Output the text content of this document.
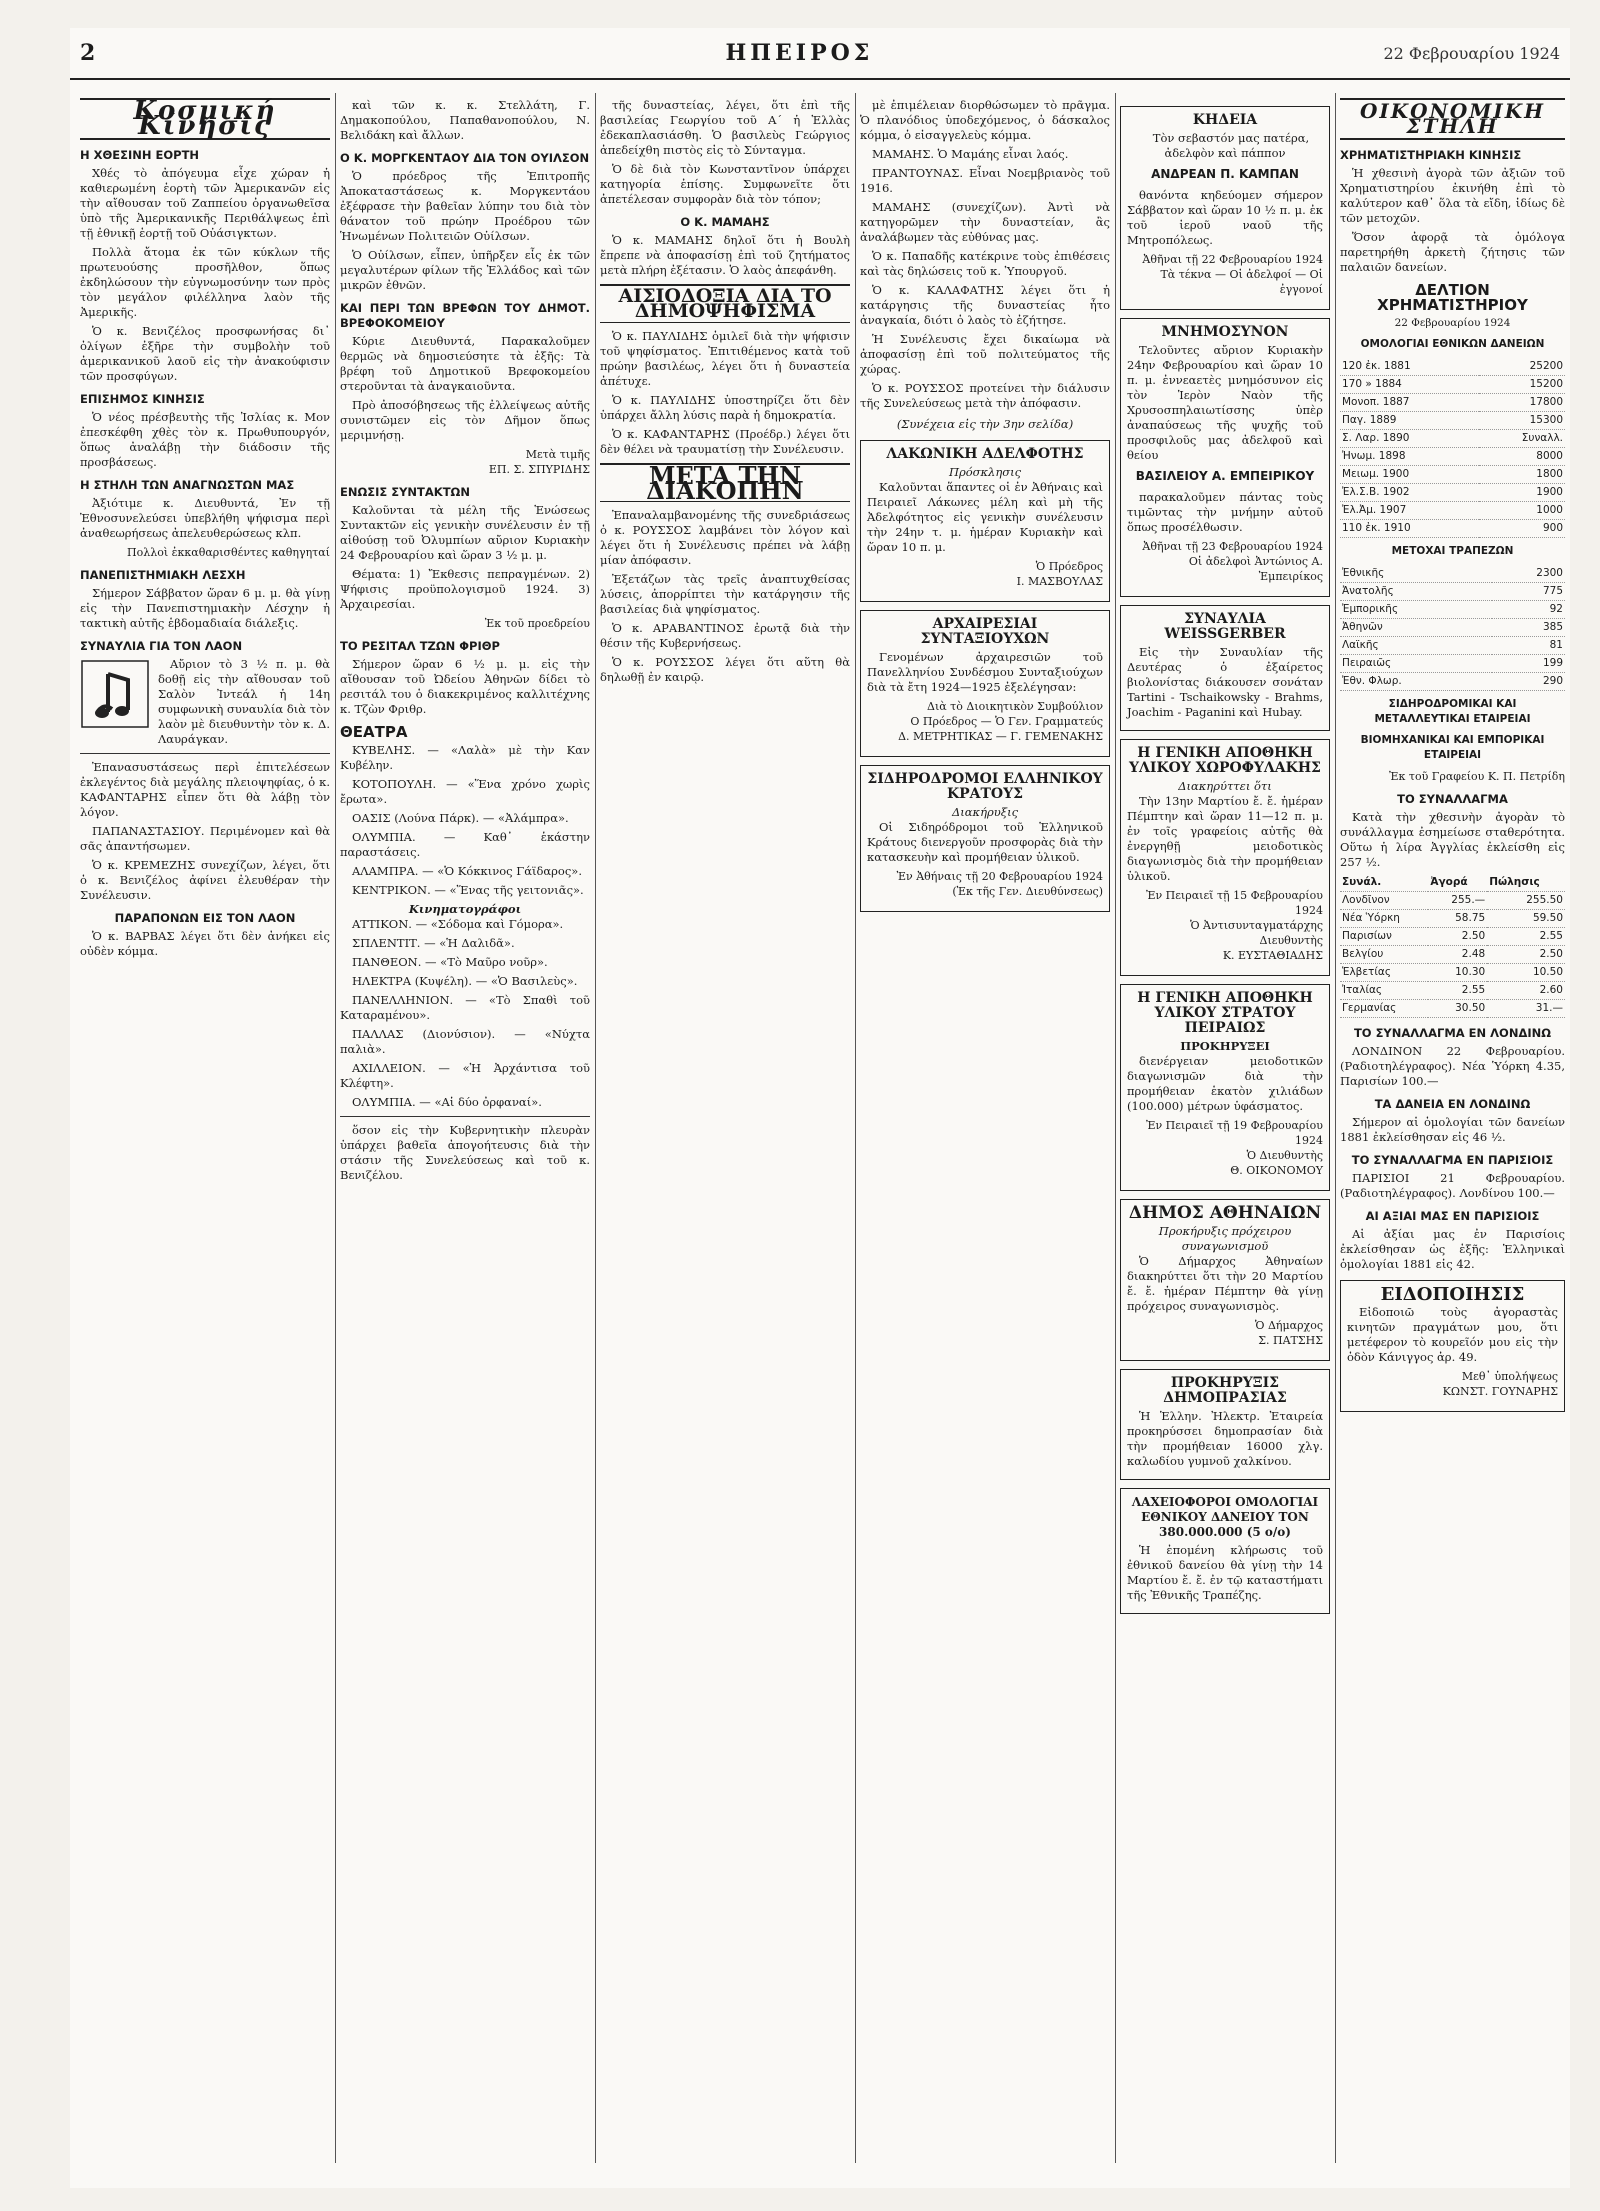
2	ΗΠΕΙΡΟΣ	22 Φεβρουαρίου 1924
Κοσμική Κίνησις
Η ΧΘΕΣΙΝΗ ΕΟΡΤΗ

Χθές τὸ ἀπόγευμα εἶχε χώραν ἡ καθιερωμένη ἑορτὴ τῶν Ἀμερικανῶν εἰς τὴν αἴθουσαν τοῦ Ζαππείου ὀργανωθεῖσα ὑπὸ τῆς Ἀμερικανικῆς Περιθάλψεως ἐπὶ τῇ ἐθνικῇ ἑορτῇ τοῦ Οὐάσιγκτων.

Πολλὰ ἄτομα ἐκ τῶν κύκλων τῆς πρωτευούσης προσῆλθον, ὅπως ἐκδηλώσουν τὴν εὐγνωμοσύνην των πρὸς τὸν μεγάλον φιλέλληνα λαὸν τῆς Ἀμερικῆς.

Ὁ κ. Βενιζέλος προσφωνήσας δι᾽ ὀλίγων ἐξῆρε τὴν συμβολὴν τοῦ ἀμερικανικοῦ λαοῦ εἰς τὴν ἀνακούφισιν τῶν προσφύγων.

ΕΠΙΣΗΜΟΣ ΚΙΝΗΣΙΣ

Ὁ νέος πρέσβευτὴς τῆς Ἰσλίας κ. Μον ἐπεσκέφθη χθὲς τὸν κ. Πρωθυπουργόν, ὅπως ἀναλάβῃ τὴν διάδοσιν τῆς προσβάσεως.

Η ΣΤΗΛΗ ΤΩΝ ΑΝΑΓΝΩΣΤΩΝ ΜΑΣ

Ἀξιότιμε κ. Διευθυντά, Ἐν τῇ Ἐθνοσυνελεύσει ὑπεβλήθη ψήφισμα περὶ ἀναθεωρήσεως ἀπελευθερώσεως κλπ.

Πολλοὶ ἐκκαθαρισθέντες καθηγηταί
ΠΑΝΕΠΙΣΤΗΜΙΑΚΗ ΛΕΣΧΗ

Σήμερον Σάββατον ὥραν 6 μ. μ. θὰ γίνῃ εἰς τὴν Πανεπιστημιακὴν Λέσχην ἡ τακτικὴ αὐτῆς ἑβδομαδιαία διάλεξις.

ΣΥΝΑΥΛΙΑ ΓΙΑ ΤΟΝ ΛΑΟΝ

Αὔριον τὸ 3 ½ π. μ. θὰ δοθῇ εἰς τὴν αἴθουσαν τοῦ Σαλὸν Ἰντεάλ ἡ 14η συμφωνικὴ συναυλία διὰ τὸν λαὸν μὲ διευθυντὴν τὸν κ. Δ. Λαυράγκαν.

Ἐπανασυστάσεως περὶ ἐπιτελέσεων ἐκλεγέντος διὰ μεγάλης πλειοψηφίας, ὁ κ. ΚΑΦΑΝΤΑΡΗΣ εἶπεν ὅτι θὰ λάβῃ τὸν λόγον.

ΠΑΠΑΝΑΣΤΑΣΙΟΥ. Περιμένομεν καὶ θὰ σᾶς ἀπαντήσωμεν.

Ὁ κ. ΚΡΕΜΕΖΗΣ συνεχίζων, λέγει, ὅτι ὁ κ. Βενιζέλος ἀφίνει ἐλευθέραν τὴν Συνέλευσιν.

ΠΑΡΑΠΟΝΩΝ ΕΙΣ ΤΟΝ ΛΑΟΝ

Ὁ κ. ΒΑΡΒΑΣ λέγει ὅτι δὲν ἀνήκει εἰς οὐδὲν κόμμα.

καὶ τῶν κ. κ. Στελλάτη, Γ. Δημακοπούλου, Παπαθανοπούλου, Ν. Βελιδάκη καὶ ἄλλων.

Ο Κ. ΜΟΡΓΚΕΝΤΑΟΥ ΔΙΑ ΤΟΝ ΟΥΙΛΣΟΝ

Ὁ πρόεδρος τῆς Ἐπιτροπῆς Ἀποκαταστάσεως κ. Μοργκεντάου ἐξέφρασε τὴν βαθεῖαν λύπην του διὰ τὸν θάνατον τοῦ πρώην Προέδρου τῶν Ἡνωμένων Πολιτειῶν Οὐίλσων.

Ὁ Οὐίλσων, εἶπεν, ὑπῆρξεν εἷς ἐκ τῶν μεγαλυτέρων φίλων τῆς Ἑλλάδος καὶ τῶν μικρῶν ἐθνῶν.

ΚΑΙ ΠΕΡΙ ΤΩΝ ΒΡΕΦΩΝ ΤΟΥ ΔΗΜΟΤ. ΒΡΕΦΟΚΟΜΕΙΟΥ

Κύριε Διευθυντά, Παρακαλοῦμεν θερμῶς νὰ δημοσιεύσητε τὰ ἑξῆς: Τὰ βρέφη τοῦ Δημοτικοῦ Βρεφοκομείου στεροῦνται τὰ ἀναγκαιοῦντα.

Πρὸ ἀποσόβησεως τῆς ἐλλείψεως αὐτῆς συνιστῶμεν εἰς τὸν Δῆμον ὅπως μεριμνήσῃ.

Μετὰ τιμῆς
ΕΠ. Σ. ΣΠΥΡΙΔΗΣ
ΕΝΩΣΙΣ ΣΥΝΤΑΚΤΩΝ

Καλοῦνται τὰ μέλη τῆς Ἑνώσεως Συντακτῶν εἰς γενικὴν συνέλευσιν ἐν τῇ αἰθούσῃ τοῦ Ὀλυμπίων αὔριον Κυριακὴν 24 Φεβρουαρίου καὶ ὥραν 3 ½ μ. μ.

Θέματα: 1) Ἔκθεσις πεπραγμένων. 2) Ψήφισις προϋπολογισμοῦ 1924. 3) Ἀρχαιρεσίαι.

Ἐκ τοῦ προεδρείου
ΤΟ ΡΕΣΙΤΑΛ ΤΖΩΝ ΦΡΙΘΡ

Σήμερον ὥραν 6 ½ μ. μ. εἰς τὴν αἴθουσαν τοῦ Ὠδείου Ἀθηνῶν δίδει τὸ ρεσιτάλ του ὁ διακεκριμένος καλλιτέχνης κ. Τζὼν Φριθρ.

ΘΕΑΤΡΑ

ΚΥΒΕΛΗΣ. — «Λαλὰ» μὲ τὴν Καν Κυβέλην.

ΚΟΤΟΠΟΥΛΗ. — «Ἕνα χρόνο χωρὶς ἔρωτα».

ΟΑΣΙΣ (Λούνα Πάρκ). — «Ἀλάμπρα».

ΟΛΥΜΠΙΑ. — Καθ᾽ ἑκάστην παραστάσεις.

ΑΛΑΜΠΡΑ. — «Ὁ Κόκκινος Γάϊδαρος».

ΚΕΝΤΡΙΚΟΝ. — «Ἕνας τῆς γειτονιᾶς».

Κινηματογράφοι

ΑΤΤΙΚΟΝ. — «Σόδομα καὶ Γόμορα».

ΣΠΛΕΝΤΙΤ. — «Ἡ Δαλιδᾶ».

ΠΑΝΘΕΟΝ. — «Τὸ Μαῦρο νοῦρ».

ΗΛΕΚΤΡΑ (Κυψέλη). — «Ὁ Βασιλεὺς».

ΠΑΝΕΛΛΗΝΙΟΝ. — «Τὸ Σπαθὶ τοῦ Καταραμένου».

ΠΑΛΛΑΣ (Διονύσιον). — «Νύχτα παλιὰ».

ΑΧΙΛΛΕΙΟΝ. — «Ἡ Ἀρχάντισα τοῦ Κλέφτη».

ΟΛΥΜΠΙΑ. — «Αἱ δύο ὀρφαναί».

ὅσον εἰς τὴν Κυβερνητικὴν πλευρὰν ὑπάρχει βαθεῖα ἀπογοήτευσις διὰ τὴν στάσιν τῆς Συνελεύσεως καὶ τοῦ κ. Βενιζέλου.

τῆς δυναστείας, λέγει, ὅτι ἐπὶ τῆς βασιλείας Γεωργίου τοῦ Α΄ ἡ Ἑλλὰς ἐδεκαπλασιάσθη. Ὁ βασιλεὺς Γεώργιος ἀπεδείχθη πιστὸς εἰς τὸ Σύνταγμα.

Ὁ δὲ διὰ τὸν Κωνσταντῖνον ὑπάρχει κατηγορία ἐπίσης. Συμφωνεῖτε ὅτι ἀπετέλεσαν συμφορὰν διὰ τὸν τόπον;

Ο Κ. ΜΑΜΑΗΣ

Ὁ κ. ΜΑΜΑΗΣ δηλοῖ ὅτι ἡ Βουλὴ ἔπρεπε νὰ ἀποφασίσῃ ἐπὶ τοῦ ζητήματος μετὰ πλήρη ἐξέτασιν. Ὁ λαὸς ἀπεφάνθη.

ΑΙΣΙΟΔΟΞΙΑ ΔΙΑ ΤΟ ΔΗΜΟΨΗΦΙΣΜΑ

Ὁ κ. ΠΑΥΛΙΔΗΣ ὁμιλεῖ διὰ τὴν ψήφισιν τοῦ ψηφίσματος. Ἐπιτιθέμενος κατὰ τοῦ πρώην βασιλέως, λέγει ὅτι ἡ δυναστεία ἀπέτυχε.

Ὁ κ. ΠΑΥΛΙΔΗΣ ὑποστηρίζει ὅτι δὲν ὑπάρχει ἄλλη λύσις παρὰ ἡ δημοκρατία.

Ὁ κ. ΚΑΦΑΝΤΑΡΗΣ (Προέδρ.) λέγει ὅτι δὲν θέλει νὰ τραυματίσῃ τὴν Συνέλευσιν.

ΜΕΤΑ ΤΗΝ ΔΙΑΚΟΠΗΝ

Ἐπαναλαμβανομένης τῆς συνεδριάσεως ὁ κ. ΡΟΥΣΣΟΣ λαμβάνει τὸν λόγον καὶ λέγει ὅτι ἡ Συνέλευσις πρέπει νὰ λάβῃ μίαν ἀπόφασιν.

Ἐξετάζων τὰς τρεῖς ἀναπτυχθείσας λύσεις, ἀπορρίπτει τὴν κατάργησιν τῆς βασιλείας διὰ ψηφίσματος.

Ὁ κ. ΑΡΑΒΑΝΤΙΝΟΣ ἐρωτᾷ διὰ τὴν θέσιν τῆς Κυβερνήσεως.

Ὁ κ. ΡΟΥΣΣΟΣ λέγει ὅτι αὕτη θὰ δηλωθῇ ἐν καιρῷ.

μὲ ἐπιμέλειαν διορθώσωμεν τὸ πρᾶγμα. Ὁ πλανόδιος ὑποδεχόμενος, ὁ δάσκαλος κόμμα, ὁ εἰσαγγελεὺς κόμμα.

ΜΑΜΑΗΣ. Ὁ Μαμάης εἶναι λαός.

ΠΡΑΝΤΟΥΝΑΣ. Εἶναι Νοεμβριανὸς τοῦ 1916.

ΜΑΜΑΗΣ (συνεχίζων). Ἀντὶ νὰ κατηγορῶμεν τὴν δυναστείαν, ἂς ἀναλάβωμεν τὰς εὐθύνας μας.

Ὁ κ. Παπαδῆς κατέκρινε τοὺς ἐπιθέσεις καὶ τὰς δηλώσεις τοῦ κ. Ὑπουργοῦ.

Ὁ κ. ΚΑΛΑΦΑΤΗΣ λέγει ὅτι ἡ κατάργησις τῆς δυναστείας ἦτο ἀναγκαία, διότι ὁ λαὸς τὸ ἐζήτησε.

Ἡ Συνέλευσις ἔχει δικαίωμα νὰ ἀποφασίσῃ ἐπὶ τοῦ πολιτεύματος τῆς χώρας.

Ὁ κ. ΡΟΥΣΣΟΣ προτείνει τὴν διάλυσιν τῆς Συνελεύσεως μετὰ τὴν ἀπόφασιν.

(Συνέχεια εἰς τὴν 3ην σελίδα)
ΛΑΚΩΝΙΚΗ ΑΔΕΛΦΟΤΗΣ
Πρόσκλησις

Καλοῦνται ἅπαντες οἱ ἐν Ἀθήναις καὶ Πειραιεῖ Λάκωνες μέλη καὶ μὴ τῆς Ἀδελφότητος εἰς γενικὴν συνέλευσιν τὴν 24ην τ. μ. ἡμέραν Κυριακὴν καὶ ὥραν 10 π. μ.

Ὁ Πρόεδρος
Ι. ΜΑΣΒΟΥΛΑΣ
ΑΡΧΑΙΡΕΣΙΑΙ ΣΥΝΤΑΞΙΟΥΧΩΝ

Γενομένων ἀρχαιρεσιῶν τοῦ Πανελληνίου Συνδέσμου Συνταξιούχων διὰ τὰ ἔτη 1924—1925 ἐξελέγησαν:

Διὰ τὸ Διοικητικὸν Συμβούλιον
Ο Πρόεδρος — Ὁ Γεν. Γραμματεύς
Δ. ΜΕΤΡΗΤΙΚΑΣ — Γ. ΓΕΜΕΝΑΚΗΣ
ΣΙΔΗΡΟΔΡΟΜΟΙ ΕΛΛΗΝΙΚΟΥ ΚΡΑΤΟΥΣ
Διακήρυξις

Οἱ Σιδηρόδρομοι τοῦ Ἑλληνικοῦ Κράτους διενεργοῦν προσφορὰς διὰ τὴν κατασκευὴν καὶ προμήθειαν ὑλικοῦ.

Ἐν Ἀθήναις τῇ 20 Φεβρουαρίου 1924
(Ἐκ τῆς Γεν. Διευθύνσεως)
ΚΗΔΕΙΑ

Τὸν σεβαστόν μας πατέρα, ἀδελφὸν καὶ πάππον

ΑΝΔΡΕΑΝ Π. ΚΑΜΠΑΝ

θανόντα κηδεύομεν σήμερον Σάββατον καὶ ὥραν 10 ½ π. μ. ἐκ τοῦ ἱεροῦ ναοῦ τῆς Μητροπόλεως.

Ἀθῆναι τῇ 22 Φεβρουαρίου 1924
Τὰ τέκνα — Οἱ ἀδελφοί — Οἱ ἐγγονοί
ΜΝΗΜΟΣΥΝΟΝ

Τελοῦντες αὔριον Κυριακὴν 24ην Φεβρουαρίου καὶ ὥραν 10 π. μ. ἐννεαετὲς μνημόσυνον εἰς τὸν Ἱερὸν Ναὸν τῆς Χρυσοσπηλαιωτίσσης ὑπὲρ ἀναπαύσεως τῆς ψυχῆς τοῦ προσφιλοῦς μας ἀδελφοῦ καὶ θείου

ΒΑΣΙΛΕΙΟΥ Α. ΕΜΠΕΙΡΙΚΟΥ

παρακαλοῦμεν πάντας τοὺς τιμῶντας τὴν μνήμην αὐτοῦ ὅπως προσέλθωσιν.

Ἀθῆναι τῇ 23 Φεβρουαρίου 1924
Οἱ ἀδελφοὶ Ἀντώνιος Α. Ἐμπειρίκος
ΣΥΝΑΥΛΙΑ WEISSGERBER

Εἰς τὴν Συναυλίαν τῆς Δευτέρας ὁ ἐξαίρετος βιολονίστας διάκουσεν σονάταν Tartini - Tschaikowsky - Brahms, Joachim - Paganini καὶ Hubay.

Η ΓΕΝΙΚΗ ΑΠΟΘΗΚΗ ΥΛΙΚΟΥ ΧΩΡΟΦΥΛΑΚΗΣ
Διακηρύττει ὅτι

Τὴν 13ην Μαρτίου ἔ. ἔ. ἡμέραν Πέμπτην καὶ ὥραν 11—12 π. μ. ἐν τοῖς γραφείοις αὐτῆς θὰ ἐνεργηθῇ μειοδοτικὸς διαγωνισμὸς διὰ τὴν προμήθειαν ὑλικοῦ.

Ἐν Πειραιεῖ τῇ 15 Φεβρουαρίου 1924
Ὁ Ἀντισυνταγματάρχης Διευθυντὴς
Κ. ΕΥΣΤΑΘΙΑΔΗΣ
Η ΓΕΝΙΚΗ ΑΠΟΘΗΚΗ ΥΛΙΚΟΥ ΣΤΡΑΤΟΥ ΠΕΙΡΑΙΩΣ
ΠΡΟΚΗΡΥΞΕΙ

διενέργειαν μειοδοτικῶν διαγωνισμῶν διὰ τὴν προμήθειαν ἑκατὸν χιλιάδων (100.000) μέτρων ὑφάσματος.

Ἐν Πειραιεῖ τῇ 19 Φεβρουαρίου 1924
Ὁ Διευθυντὴς
Θ. ΟΙΚΟΝΟΜΟΥ
ΔΗΜΟΣ ΑΘΗΝΑΙΩΝ
Προκήρυξις πρόχειρου συναγωνισμοῦ

Ὁ Δήμαρχος Ἀθηναίων διακηρύττει ὅτι τὴν 20 Μαρτίου ἔ. ἔ. ἡμέραν Πέμπτην θὰ γίνῃ πρόχειρος συναγωνισμὸς.

Ὁ Δήμαρχος
Σ. ΠΑΤΣΗΣ
ΠΡΟΚΗΡΥΞΙΣ ΔΗΜΟΠΡΑΣΙΑΣ

Ἡ Ἑλλην. Ἠλεκτρ. Ἑταιρεία προκηρύσσει δημοπρασίαν διὰ τὴν προμήθειαν 16000 χλγ. καλωδίου γυμνοῦ χαλκίνου.

ΛΑΧΕΙΟΦΟΡΟΙ ΟΜΟΛΟΓΙΑΙ ΕΘΝΙΚΟΥ ΔΑΝΕΙΟΥ ΤΟΝ 380.000.000 (5 ο/ο)

Ἡ ἐπομένη κλήρωσις τοῦ ἐθνικοῦ δανείου θὰ γίνῃ τὴν 14 Μαρτίου ἔ. ἔ. ἐν τῷ καταστήματι τῆς Ἐθνικῆς Τραπέζης.

ΟΙΚΟΝΟΜΙΚΗ ΣΤΗΛΗ
ΧΡΗΜΑΤΙΣΤΗΡΙΑΚΗ ΚΙΝΗΣΙΣ

Ἡ χθεσινὴ ἀγορὰ τῶν ἀξιῶν τοῦ Χρηματιστηρίου ἐκινήθη ἐπὶ τὸ καλύτερον καθ᾽ ὅλα τὰ εἴδη, ἰδίως δὲ τῶν μετοχῶν.

Ὅσον ἀφορᾷ τὰ ὁμόλογα παρετηρήθη ἀρκετὴ ζήτησις τῶν παλαιῶν δανείων.

ΔΕΛΤΙΟΝ ΧΡΗΜΑΤΙΣΤΗΡΙΟΥ
22 Φεβρουαρίου 1924
ΟΜΟΛΟΓΙΑΙ ΕΘΝΙΚΩΝ ΔΑΝΕΙΩΝ
120 ἐκ. 1881	25200
170 » 1884	15200
Μονοπ. 1887	17800
Παγ. 1889	15300
Σ. Λαρ. 1890	Συναλλ.
Ἠνωμ. 1898	8000
Μειωμ. 1900	1800
Ἐλ.Σ.Β. 1902	1900
Ἐλ.Ἀμ. 1907	1000
110 ἐκ. 1910	900
ΜΕΤΟΧΑΙ ΤΡΑΠΕΖΩΝ
Ἐθνικῆς	2300
Ἀνατολῆς	775
Ἐμπορικῆς	92
Ἀθηνῶν	385
Λαϊκῆς	81
Πειραιῶς	199
Ἐθν. Φλωρ.	290
ΣΙΔΗΡΟΔΡΟΜΙΚΑΙ ΚΑΙ ΜΕΤΑΛΛΕΥΤΙΚΑΙ ΕΤΑΙΡΕΙΑΙ
ΒΙΟΜΗΧΑΝΙΚΑΙ ΚΑΙ ΕΜΠΟΡΙΚΑΙ ΕΤΑΙΡΕΙΑΙ
Ἐκ τοῦ Γραφείου Κ. Π. Πετρίδη
ΤΟ ΣΥΝΑΛΛΑΓΜΑ

Κατὰ τὴν χθεσινὴν ἀγορὰν τὸ συνάλλαγμα ἐσημείωσε σταθερότητα. Οὕτω ἡ λίρα Ἀγγλίας ἐκλείσθη εἰς 257 ½.

Συνάλ.	Ἀγορά	Πώλησις
Λονδῖνον	255.—	255.50
Νέα Ὑόρκη	58.75	59.50
Παρισίων	2.50	2.55
Βελγίου	2.48	2.50
Ἑλβετίας	10.30	10.50
Ἰταλίας	2.55	2.60
Γερμανίας	30.50	31.—
ΤΟ ΣΥΝΑΛΛΑΓΜΑ ΕΝ ΛΟΝΔΙΝΩ

ΛΟΝΔΙΝΟΝ 22 Φεβρουαρίου. (Ραδιοτηλέγραφος). Νέα Ὑόρκη 4.35, Παρισίων 100.—

ΤΑ ΔΑΝΕΙΑ ΕΝ ΛΟΝΔΙΝΩ

Σήμερον αἱ ὁμολογίαι τῶν δανείων 1881 ἐκλείσθησαν εἰς 46 ½.

ΤΟ ΣΥΝΑΛΛΑΓΜΑ ΕΝ ΠΑΡΙΣΙΟΙΣ

ΠΑΡΙΣΙΟΙ 21 Φεβρουαρίου. (Ραδιοτηλέγραφος). Λονδίνου 100.—

ΑΙ ΑΞΙΑΙ ΜΑΣ ΕΝ ΠΑΡΙΣΙΟΙΣ

Αἱ ἀξίαι μας ἐν Παρισίοις ἐκλείσθησαν ὡς ἑξῆς: Ἑλληνικαὶ ὁμολογίαι 1881 εἰς 42.

ΕΙΔΟΠΟΙΗΣΙΣ

Εἰδοποιῶ τοὺς ἀγοραστὰς κινητῶν πραγμάτων μου, ὅτι μετέφερον τὸ κουρεῖόν μου εἰς τὴν ὁδὸν Κάνιγγος ἀρ. 49.

Μεθ᾽ ὑπολήψεως
ΚΩΝΣΤ. ΓΟΥΝΑΡΗΣ
